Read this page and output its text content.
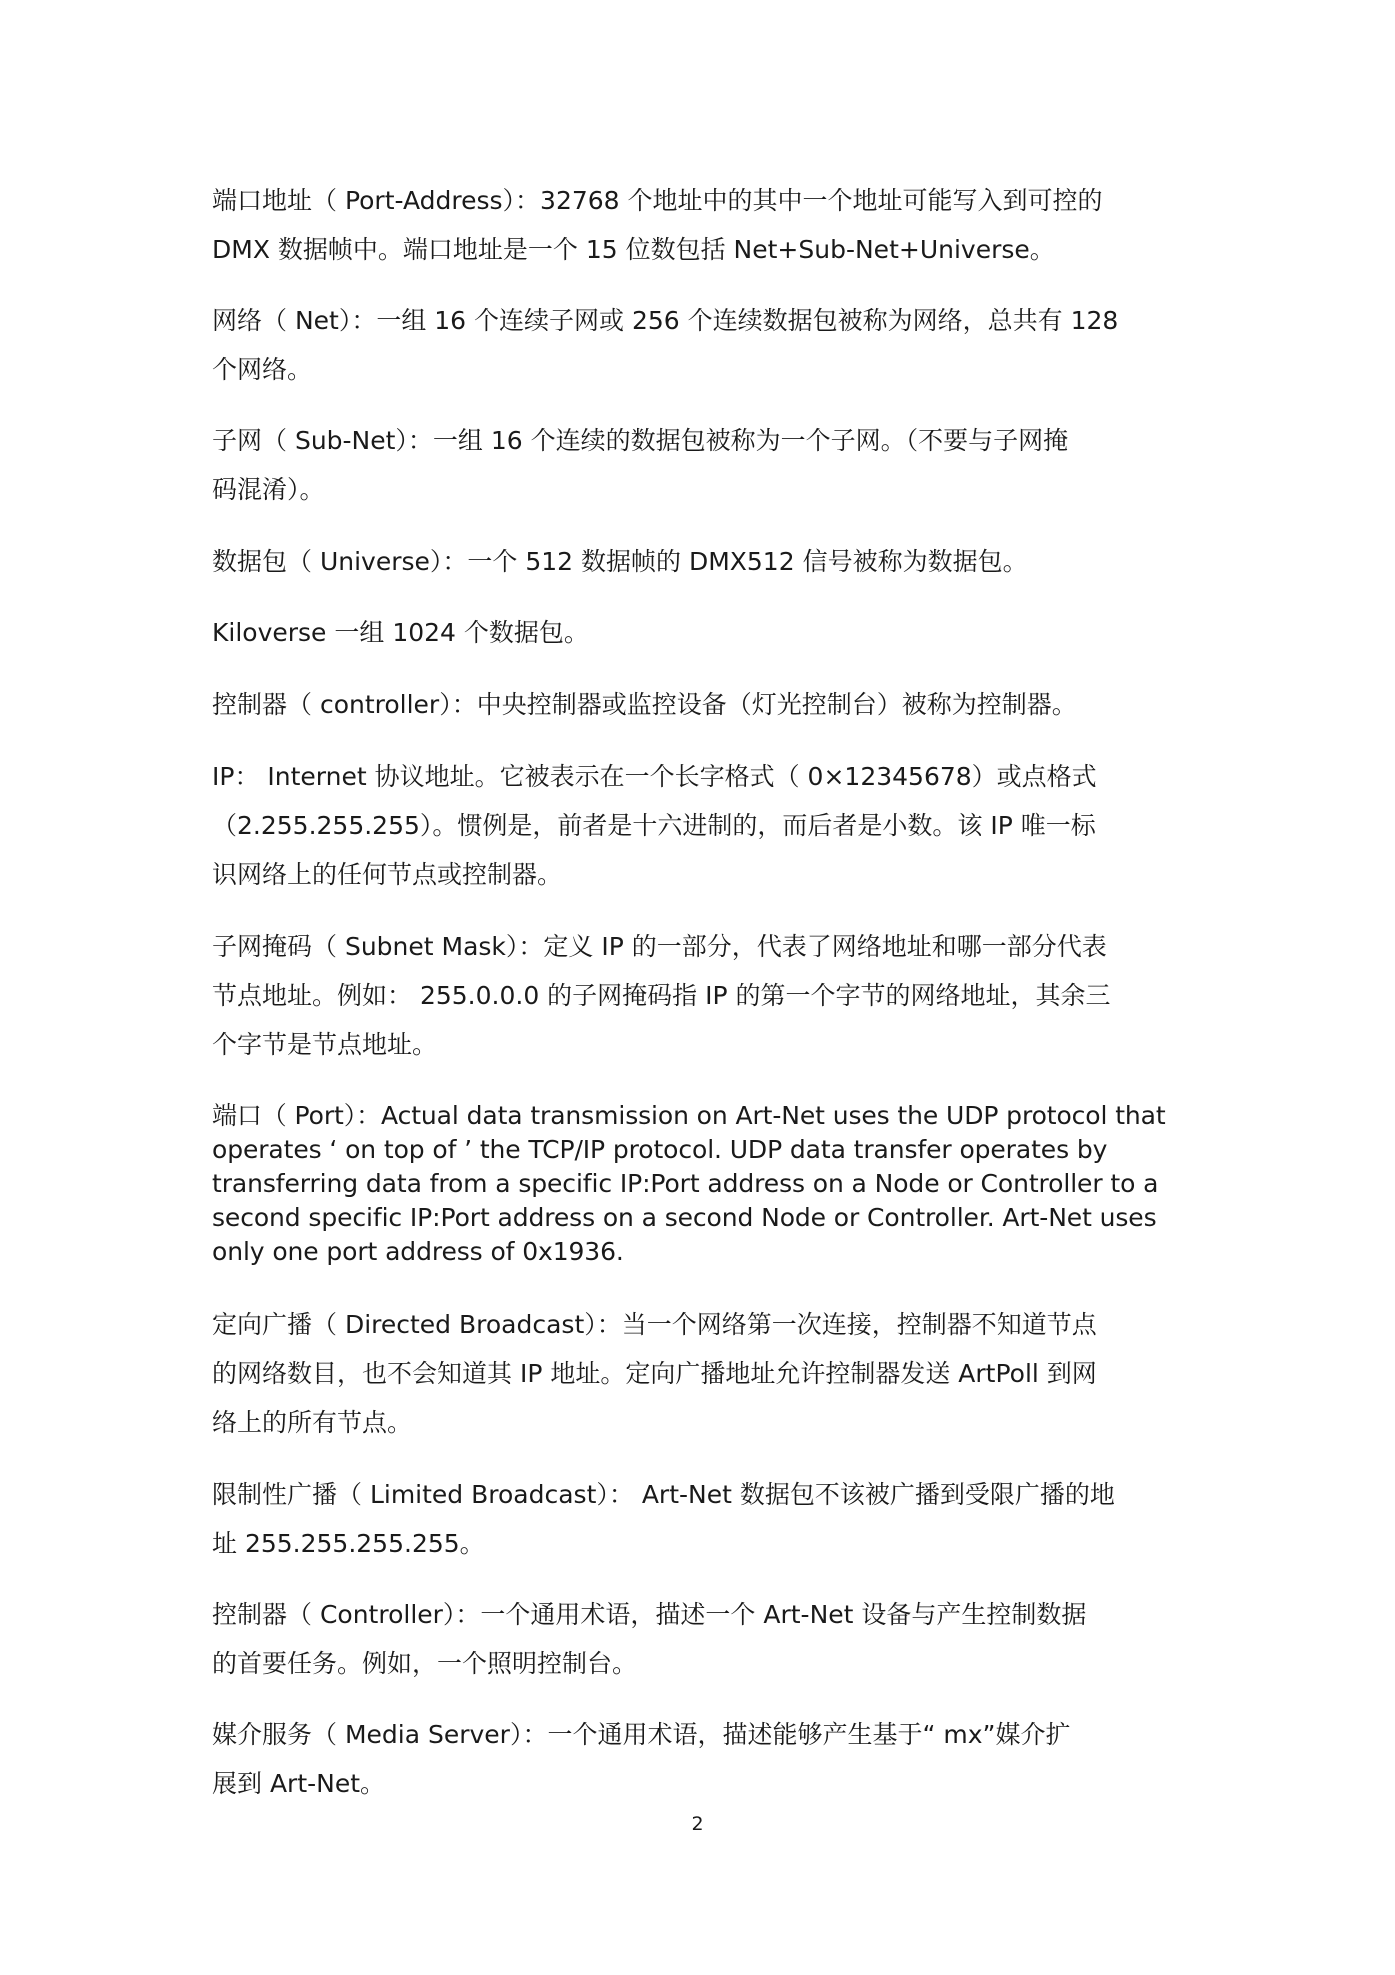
端口地址（ Port-Address）：32768 个地址中的其中一个地址可能写入到可控的
DMX 数据帧中。端口地址是一个 15 位数包括 Net+Sub-Net+Universe。

网络（ Net）：一组 16 个连续子网或 256 个连续数据包被称为网络，总共有 128
个网络。

子网（ Sub-Net）：一组 16 个连续的数据包被称为一个子网。（不要与子网掩
码混淆）。

数据包（ Universe）：一个 512 数据帧的 DMX512 信号被称为数据包。

Kiloverse 一组 1024 个数据包。

控制器（ controller）：中央控制器或监控设备（灯光控制台）被称为控制器。

IP： Internet 协议地址。它被表示在一个长字格式（ 0×12345678）或点格式
（2.255.255.255）。惯例是，前者是十六进制的，而后者是小数。该 IP 唯一标
识网络上的任何节点或控制器。

子网掩码（ Subnet Mask）：定义 IP 的一部分，代表了网络地址和哪一部分代表
节点地址。例如： 255.0.0.0 的子网掩码指 IP 的第一个字节的网络地址，其余三
个字节是节点地址。

端口（ Port）：Actual data transmission on Art-Net uses the UDP protocol that
operates ‘ on top of ’ the TCP/IP protocol. UDP data transfer operates by
transferring data from a specific IP:Port address on a Node or Controller to a
second specific IP:Port address on a second Node or Controller. Art-Net uses
only one port address of 0x1936.

定向广播（ Directed Broadcast）：当一个网络第一次连接，控制器不知道节点
的网络数目，也不会知道其 IP 地址。定向广播地址允许控制器发送 ArtPoll 到网
络上的所有节点。

限制性广播（ Limited Broadcast）： Art-Net 数据包不该被广播到受限广播的地
址 255.255.255.255。

控制器（ Controller）：一个通用术语，描述一个 Art-Net 设备与产生控制数据
的首要任务。例如，一个照明控制台。

媒介服务（ Media Server）：一个通用术语，描述能够产生基于“ mx”媒介扩
展到 Art-Net。

2
